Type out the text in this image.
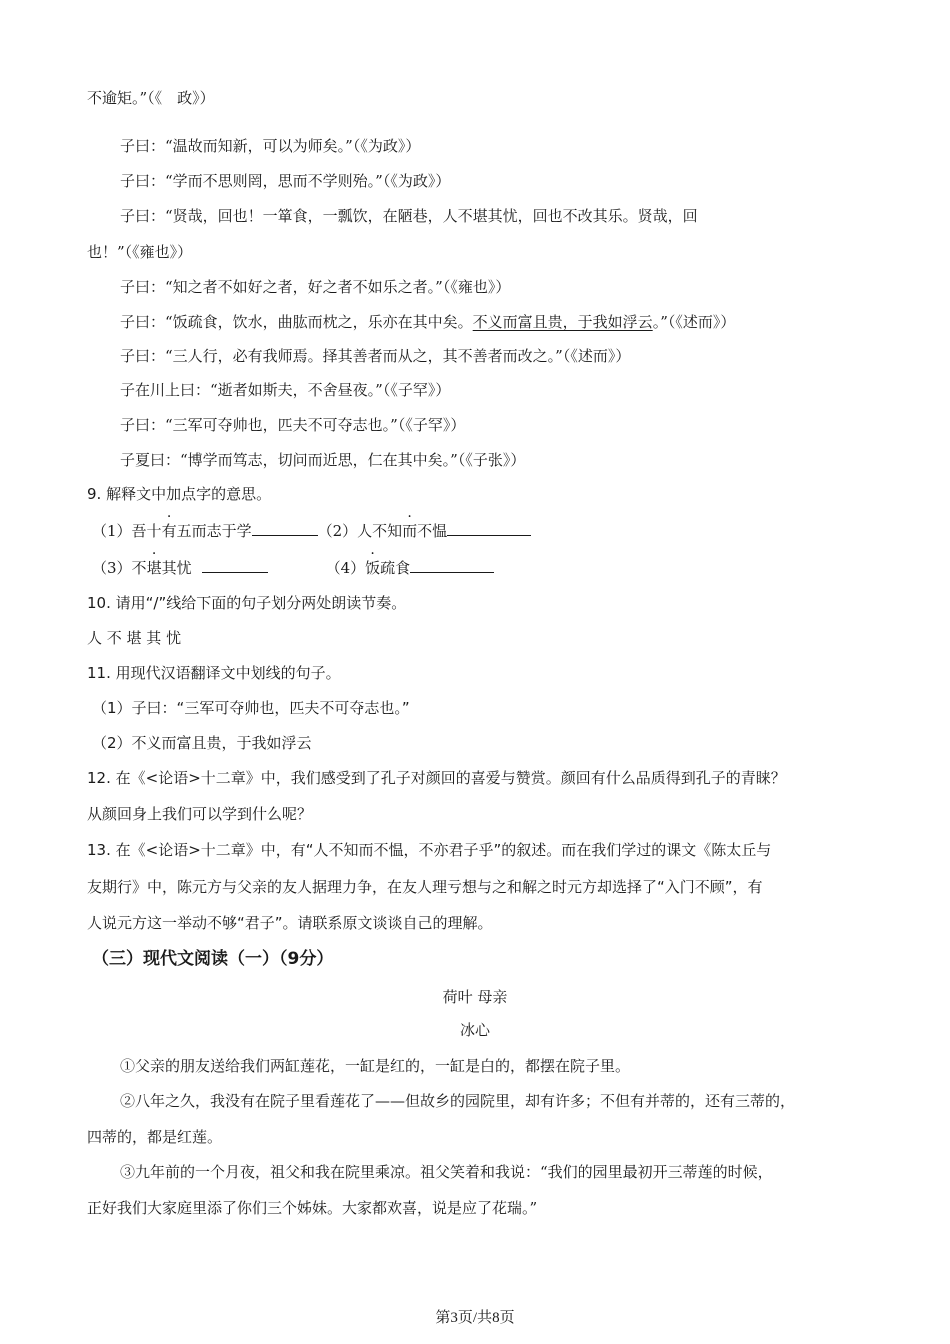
不逾矩。”（《　政》）
子曰：“温故而知新，可以为师矣。”（《为政》）
子曰：“学而不思则罔，思而不学则殆。”（《为政》）
子曰：“贤哉，回也！一箪食，一瓢饮，在陋巷，人不堪其忧，回也不改其乐。贤哉，回
也！”（《雍也》）
子曰：“知之者不如好之者，好之者不如乐之者。”（《雍也》）
子曰：“饭疏食，饮水，曲肱而枕之，乐亦在其中矣。不义而富且贵，于我如浮云。”（《述而》）
子曰：“三人行，必有我师焉。择其善者而从之，其不善者而改之。”（《述而》）
子在川上曰：“逝者如斯夫，不舍昼夜。”（《子罕》）
子曰：“三军可夺帅也，匹夫不可夺志也。”（《子罕》）
子夏曰：“博学而笃志，切问而近思，仁在其中矣。”（《子张》）
9. 解释文中加点字的意思。
（1）吾十有五而志于学	（2）人不知而不愠
（3）不堪其忧	（4）饭疏食
10. 请用“/”线给下面的句子划分两处朗读节奏。
人 不 堪 其 忧
11. 用现代汉语翻译文中划线的句子。
（1）子曰：“三军可夺帅也，匹夫不可夺志也。”
（2）不义而富且贵，于我如浮云
12. 在《<论语>十二章》中，我们感受到了孔子对颜回的喜爱与赞赏。颜回有什么品质得到孔子的青睐？
从颜回身上我们可以学到什么呢？
13. 在《<论语>十二章》中，有“人不知而不愠，不亦君子乎”的叙述。而在我们学过的课文《陈太丘与
友期行》中，陈元方与父亲的友人据理力争，在友人理亏想与之和解之时元方却选择了“入门不顾”，有
人说元方这一举动不够“君子”。请联系原文谈谈自己的理解。
（三）现代文阅读（一）（9分）
荷叶 母亲
冰心
①父亲的朋友送给我们两缸莲花，一缸是红的，一缸是白的，都摆在院子里。
②八年之久，我没有在院子里看莲花了——但故乡的园院里，却有许多；不但有并蒂的，还有三蒂的，
四蒂的，都是红莲。
③九年前的一个月夜，祖父和我在院里乘凉。祖父笑着和我说：“我们的园里最初开三蒂莲的时候，
正好我们大家庭里添了你们三个姊妹。大家都欢喜，说是应了花瑞。”
第3页/共8页
